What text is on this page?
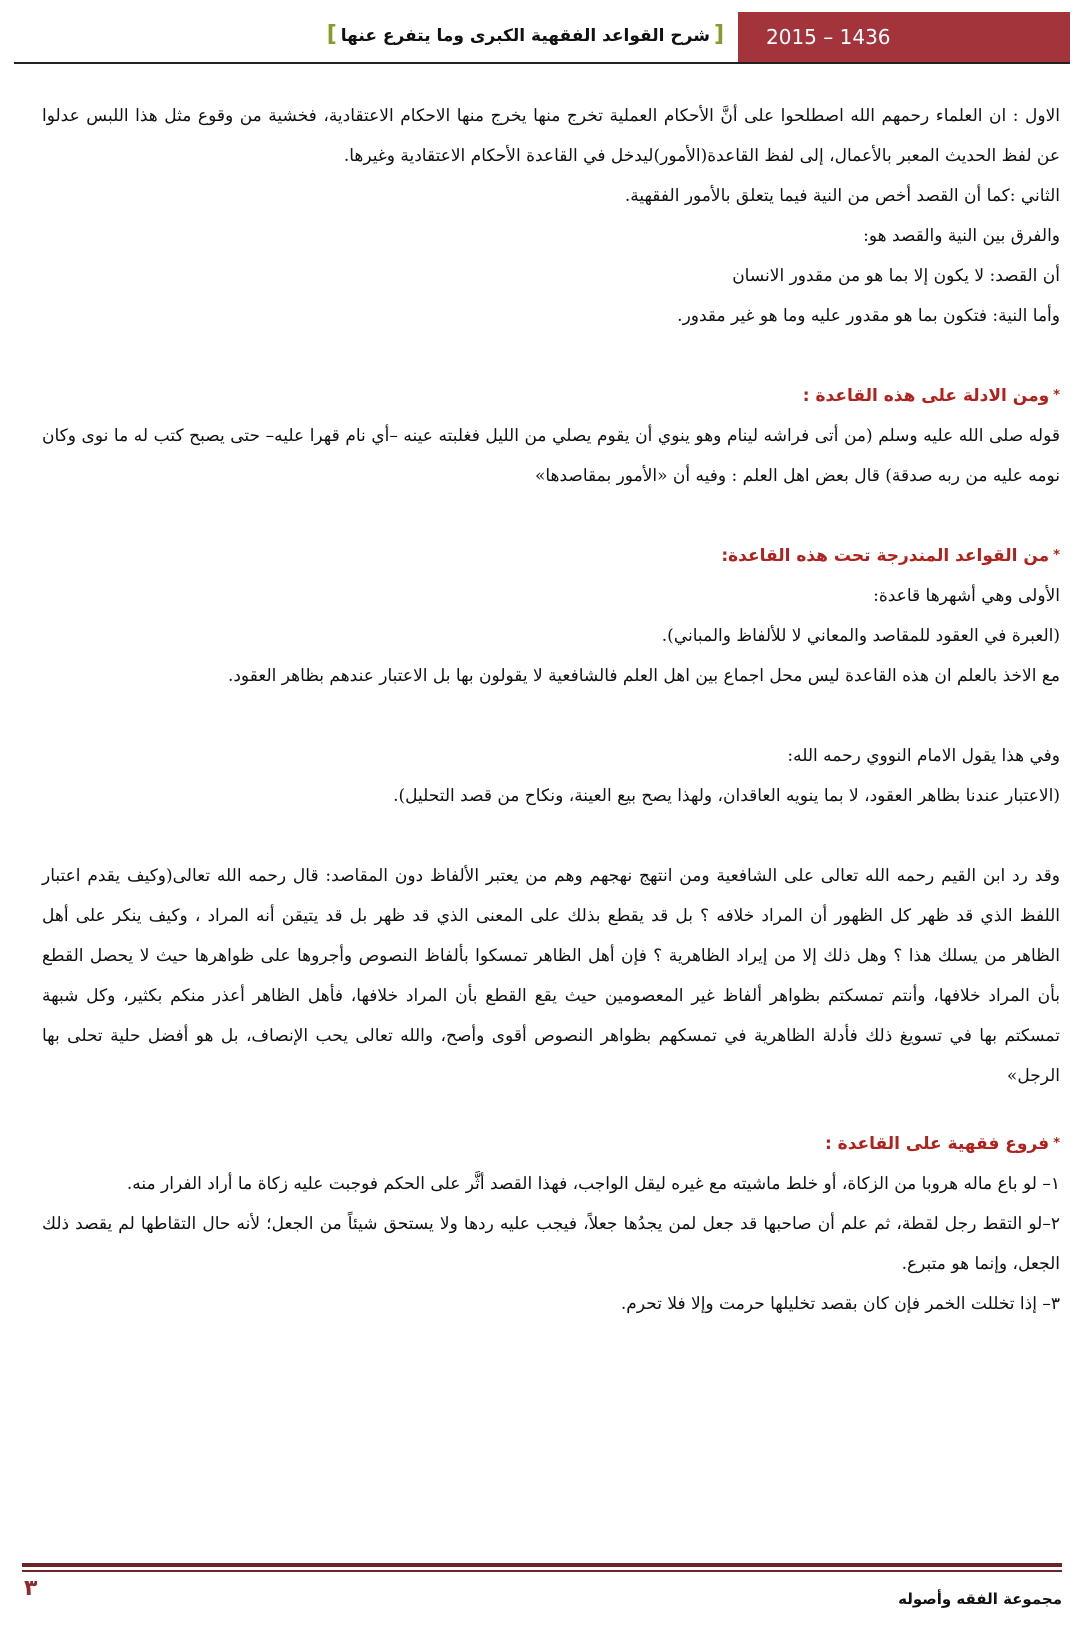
2015 – 1436
[شرح القواعد الفقهية الكبرى وما يتفرع عنها]

الاول : ان العلماء رحمهم الله اصطلحوا على أنَّ الأحكام العملية تخرج منها يخرج منها الاحكام الاعتقادية، فخشية من وقوع مثل هذا اللبس عدلوا عن لفظ الحديث المعبر بالأعمال، إلى لفظ القاعدة(الأمور)ليدخل في القاعدة الأحكام الاعتقادية وغيرها.

الثاني :كما أن القصد أخص من النية فيما يتعلق بالأمور الفقهية.

والفرق بين النية والقصد هو:

أن القصد: لا يكون إلا بما هو من مقدور الانسان

وأما النية: فتكون بما هو مقدور عليه وما هو غير مقدور.

*ومن الادلة على هذه القاعدة :

قوله صلى الله عليه وسلم (من أتى فراشه لينام وهو ينوي أن يقوم يصلي من الليل فغلبته عينه –أي نام قهرا عليه– حتى يصبح كتب له ما نوى وكان نومه عليه من ربه صدقة) قال بعض اهل العلم : وفيه أن «الأمور بمقاصدها»

*من القواعد المندرجة تحت هذه القاعدة:

الأولى وهي أشهرها قاعدة:

(العبرة في العقود للمقاصد والمعاني لا للألفاظ والمباني).

مع الاخذ بالعلم ان هذه القاعدة ليس محل اجماع بين اهل العلم فالشافعية لا يقولون بها بل الاعتبار عندهم بظاهر العقود.

وفي هذا يقول الامام النووي رحمه الله:

(الاعتبار عندنا بظاهر العقود، لا بما ينويه العاقدان، ولهذا يصح بيع العينة، ونكاح من قصد التحليل).

وقد رد ابن القيم رحمه الله تعالى على الشافعية ومن انتهج نهجهم وهم من يعتبر الألفاظ دون المقاصد: قال رحمه الله تعالى(وكيف يقدم اعتبار اللفظ الذي قد ظهر كل الظهور أن المراد خلافه ؟ بل قد يقطع بذلك على المعنى الذي قد ظهر بل قد يتيقن أنه المراد ، وكيف ينكر على أهل الظاهر من يسلك هذا ؟ وهل ذلك إلا من إيراد الظاهرية ؟ فإن أهل الظاهر تمسكوا بألفاظ النصوص وأجروها على ظواهرها حيث لا يحصل القطع بأن المراد خلافها، وأنتم تمسكتم بظواهر ألفاظ غير المعصومين حيث يقع القطع بأن المراد خلافها، فأهل الظاهر أعذر منكم بكثير، وكل شبهة تمسكتم بها في تسويغ ذلك فأدلة الظاهرية في تمسكهم بظواهر النصوص أقوى وأصح، والله تعالى يحب الإنصاف، بل هو أفضل حلية تحلى بها الرجل»

*فروع فقهية على القاعدة :

١– لو باع ماله هروبا من الزكاة، أو خلط ماشيته مع غيره ليقل الواجب، فهذا القصد أثَّر على الحكم فوجبت عليه زكاة ما أراد الفرار منه.

٢–لو التقط رجل لقطة، ثم علم أن صاحبها قد جعل لمن يجدُها جعلاً، فيجب عليه ردها ولا يستحق شيئاً من الجعل؛ لأنه حال التقاطها لم يقصد ذلك الجعل، وإنما هو متبرع.

٣– إذا تخللت الخمر فإن كان بقصد تخليلها حرمت وإلا فلا تحرم.

٣	مجموعة الفقه وأصوله
